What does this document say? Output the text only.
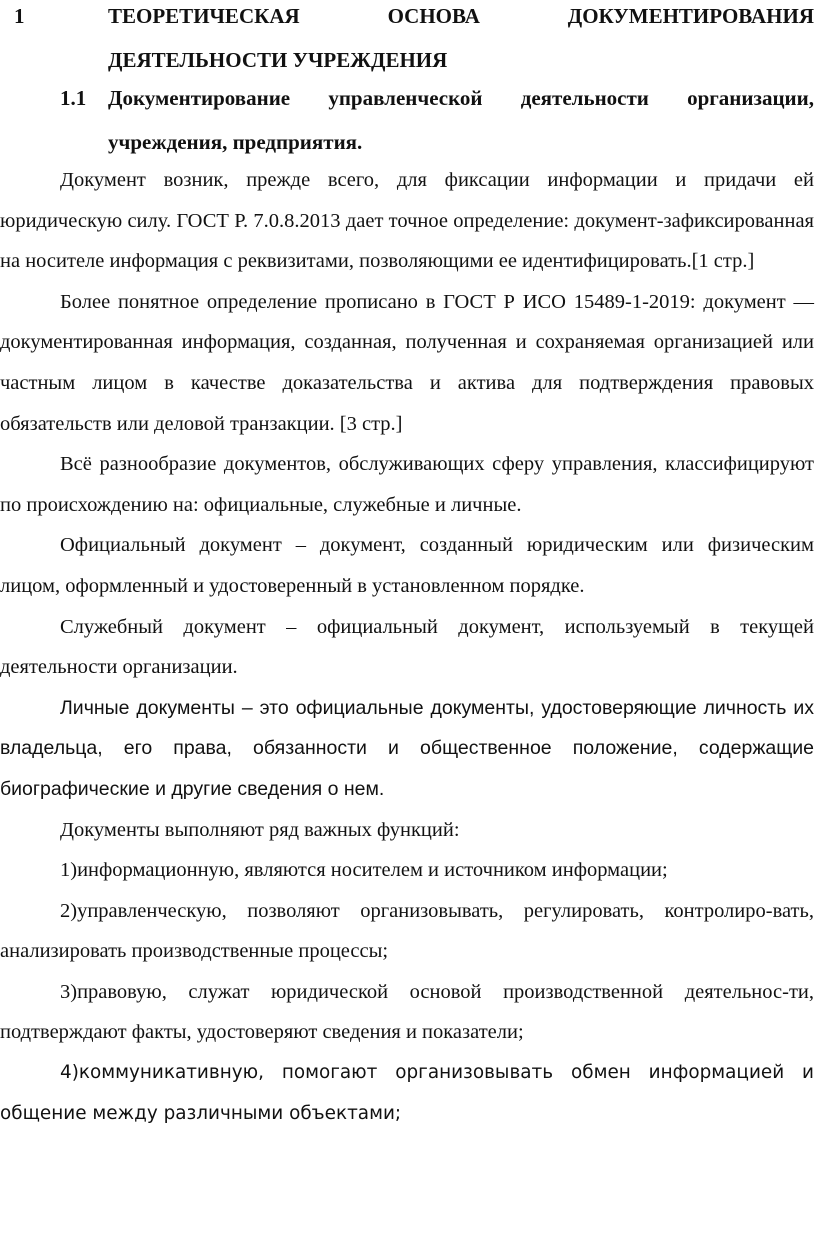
1	ТЕОРЕТИЧЕСКАЯ	ОСНОВА	ДОКУМЕНТИРОВАНИЯ
ДЕЯТЕЛЬНОСТИ УЧРЕЖДЕНИЯ
1.1 Документирование управленческой деятельности организации,
учреждения, предприятия.

Документ возник, прежде всего, для фиксации информации и придачи ей юридическую силу. ГОСТ Р. 7.0.8.2013 дает точное определение: документ-зафиксированная на носителе информация с реквизитами, позволяющими ее идентифицировать.[1 стр.]

Более понятное определение прописано в ГОСТ Р ИСО 15489-1-2019: документ — документированная информация, созданная, полученная и сохраняемая организацией или частным лицом в качестве доказательства и актива для подтверждения правовых обязательств или деловой транзакции. [3 стр.]

Всё разнообразие документов, обслуживающих сферу управления, классифицируют по происхождению на: официальные, служебные и личные.

Официальный документ – документ, созданный юридическим или физическим лицом, оформленный и удостоверенный в установленном порядке.

Служебный документ – официальный документ, используемый в текущей деятельности организации.

Личные документы – это официальные документы, удостоверяющие личность их владельца, его права, обязанности и общественное положение, содержащие биографические и другие сведения о нем.

Документы выполняют ряд важных функций:

1)информационную, являются носителем и источником информации;

2)управленческую, позволяют организовывать, регулировать, контролиро-вать, анализировать производственные процессы;

3)правовую, служат юридической основой производственной деятельнос-ти, подтверждают факты, удостоверяют сведения и показатели;

4)коммуникативную, помогают организовывать обмен информацией и общение между различными объектами;
